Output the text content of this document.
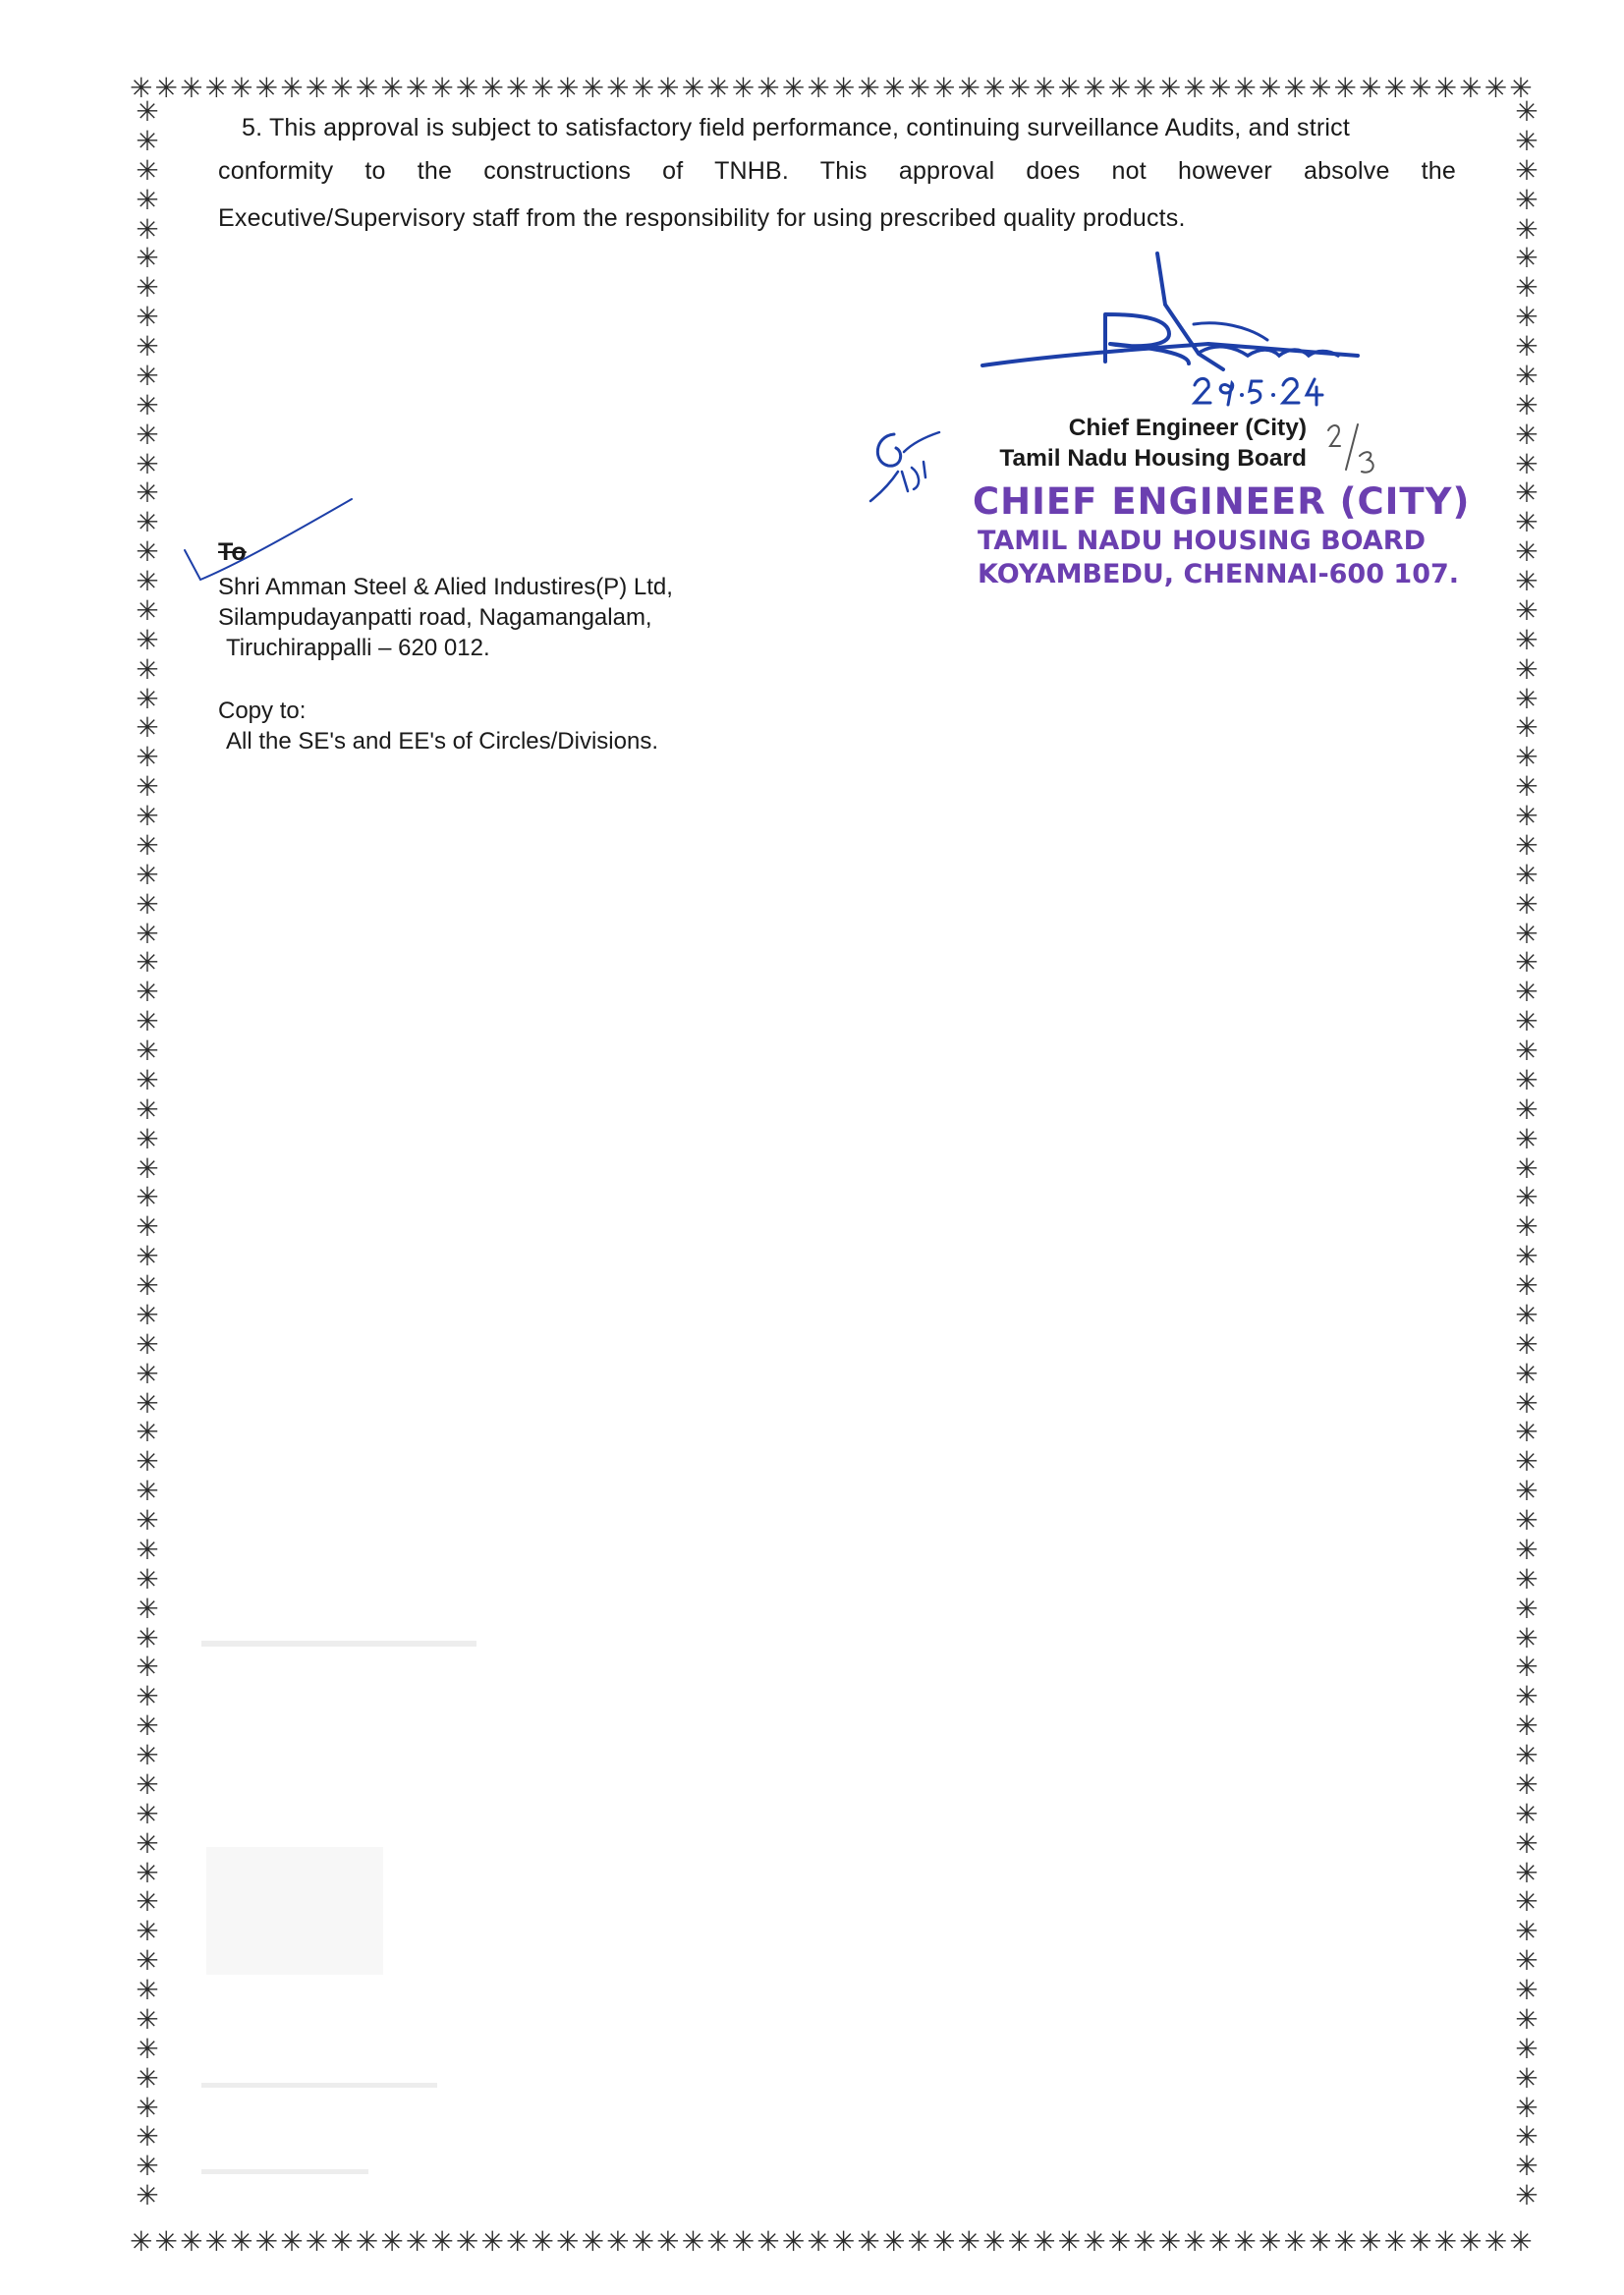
✳ ✳ ✳ ✳ ✳ ✳ ✳ ✳ ✳ ✳ ✳ ✳ ✳ ✳ ✳ ✳ ✳ ✳ ✳ ✳ ✳ ✳ ✳ ✳ ✳ ✳ ✳ ✳ ✳ ✳ ✳ ✳ ✳ ✳ ✳ ✳ ✳ ✳ ✳ ✳ ✳ ✳ ✳ ✳ ✳ ✳ ✳ ✳ ✳ ✳ ✳ ✳ ✳ ✳ ✳ ✳
✳ ✳ ✳ ✳ ✳ ✳ ✳ ✳ ✳ ✳ ✳ ✳ ✳ ✳ ✳ ✳ ✳ ✳ ✳ ✳ ✳ ✳ ✳ ✳ ✳ ✳ ✳ ✳ ✳ ✳ ✳ ✳ ✳ ✳ ✳ ✳ ✳ ✳ ✳ ✳ ✳ ✳ ✳ ✳ ✳ ✳ ✳ ✳ ✳ ✳ ✳ ✳ ✳ ✳ ✳ ✳
✳
✳
✳
✳
✳
✳
✳
✳
✳
✳
✳
✳
✳
✳
✳
✳
✳
✳
✳
✳
✳
✳
✳
✳
✳
✳
✳
✳
✳
✳
✳
✳
✳
✳
✳
✳
✳
✳
✳
✳
✳
✳
✳
✳
✳
✳
✳
✳
✳
✳
✳
✳
✳
✳
✳
✳
✳
✳
✳
✳
✳
✳
✳
✳
✳
✳
✳
✳
✳
✳
✳
✳
✳
✳
✳
✳
✳
✳
✳
✳
✳
✳
✳
✳
✳
✳
✳
✳
✳
✳
✳
✳
✳
✳
✳
✳
✳
✳
✳
✳
✳
✳
✳
✳
✳
✳
✳
✳
✳
✳
✳
✳
✳
✳
✳
✳
✳
✳
✳
✳
✳
✳
✳
✳
✳
✳
✳
✳
✳
✳
✳
✳
✳
✳
✳
✳
✳
✳
✳
✳
✳
✳
✳
✳

5. This approval is subject to satisfactory field performance, continuing surveillance Audits, and strict

conformity to the constructions of TNHB. This approval does not however absolve the

Executive/Supervisory staff from the responsibility for using prescribed quality products.

Chief Engineer (City)
Tamil Nadu Housing Board
CHIEF ENGINEER (CITY)
TAMIL NADU HOUSING BOARD
KOYAMBEDU, CHENNAI-600 107.
To
Shri Amman Steel & Alied Industires(P) Ltd,
Silampudayanpatti road, Nagamangalam,
Tiruchirappalli – 620 012.
Copy to:
All the SE's and EE's of Circles/Divisions.
